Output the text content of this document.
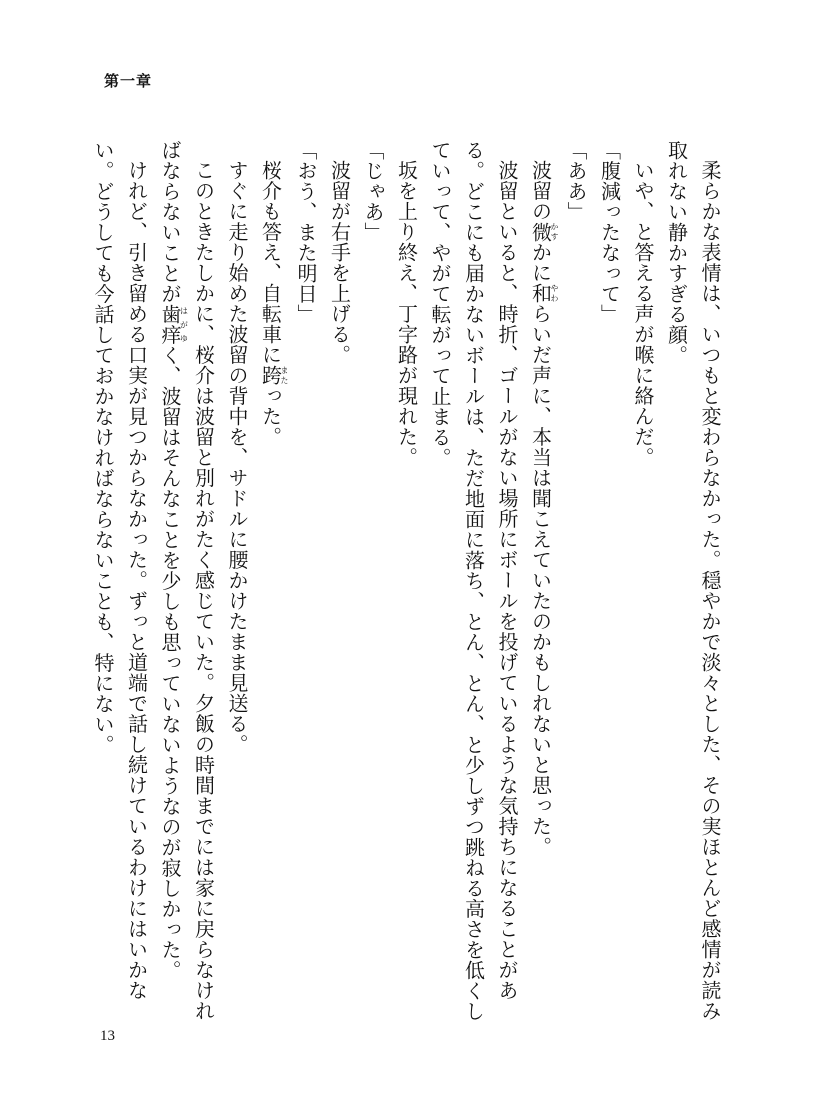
第一章

柔らかな表情は、いつもと変わらなかった。穏やかで淡々とした、その実ほとんど感情が読み取れない静かすぎる顔。

いや、と答える声が喉に絡んだ。

「腹減ったなって」

「ああ」

波留の微かすかに和やわらいだ声に、本当は聞こえていたのかもしれないと思った。

波留といると、時折、ゴールがない場所にボールを投げているような気持ちになることがある。どこにも届かないボールは、ただ地面に落ち、とん、とん、と少しずつ跳ねる高さを低くしていって、やがて転がって止まる。

坂を上り終え、丁字路が現れた。

「じゃあ」

波留が右手を上げる。

「おう、また明日」

桜介も答え、自転車に跨またった。

すぐに走り始めた波留の背中を、サドルに腰かけたまま見送る。

このときたしかに、桜介は波留と別れがたく感じていた。夕飯の時間までには家に戻らなければならないことが歯痒はがゆく、波留はそんなことを少しも思っていないようなのが寂しかった。

けれど、引き留める口実が見つからなかった。ずっと道端で話し続けているわけにはいかない。どうしても今話しておかなければならないことも、特にない。

13
